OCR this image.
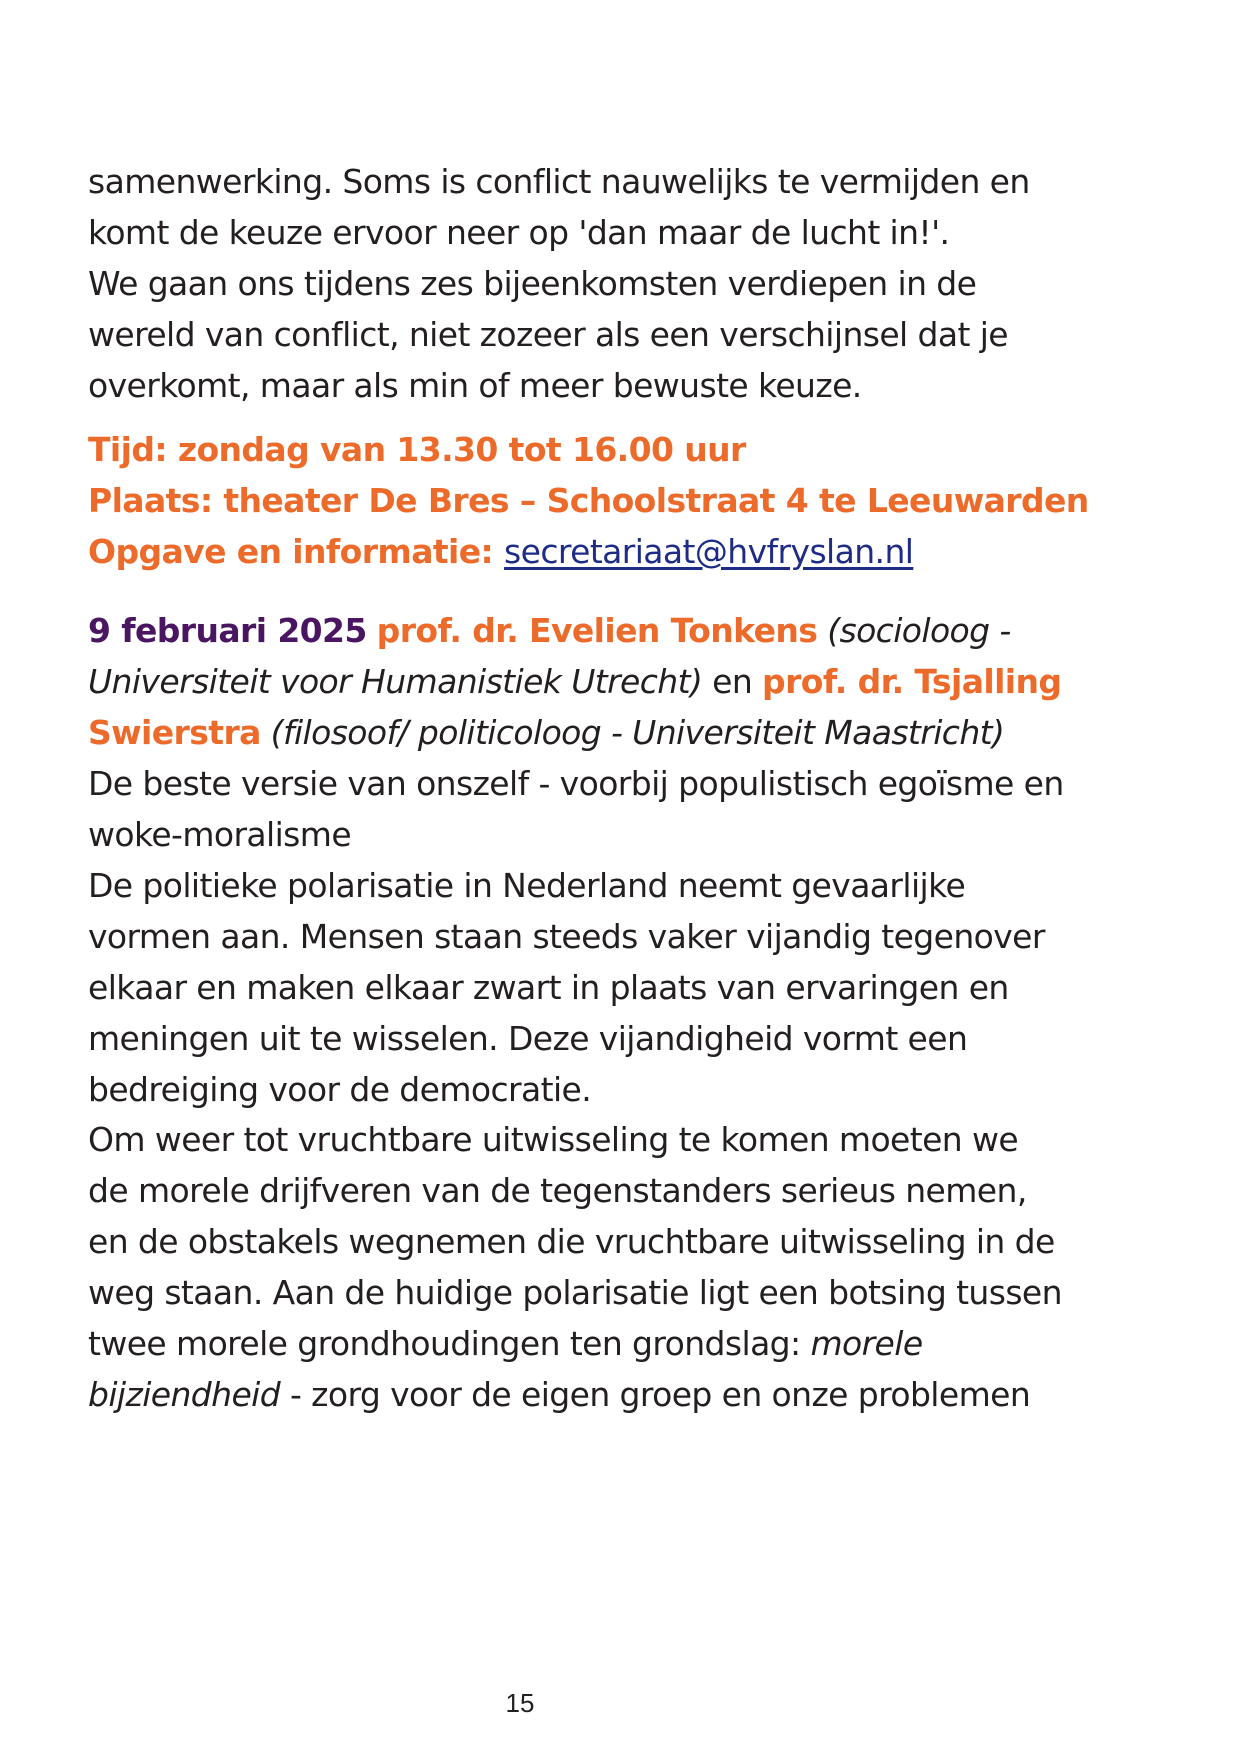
samenwerking. Soms is conflict nauwelijks te vermijden en
komt de keuze ervoor neer op 'dan maar de lucht in!'.
We gaan ons tijdens zes bijeenkomsten verdiepen in de
wereld van conflict, niet zozeer als een verschijnsel dat je
overkomt, maar als min of meer bewuste keuze.
Tijd: zondag van 13.30 tot 16.00 uur
Plaats: theater De Bres – Schoolstraat 4 te Leeuwarden
Opgave en informatie: secretariaat@hvfryslan.nl
9 februari 2025 prof. dr. Evelien Tonkens (socioloog -
Universiteit voor Humanistiek Utrecht) en prof. dr. Tsjalling
Swierstra (filosoof/ politicoloog - Universiteit Maastricht)
De beste versie van onszelf - voorbij populistisch egoïsme en
woke-moralisme
De politieke polarisatie in Nederland neemt gevaarlijke
vormen aan. Mensen staan steeds vaker vijandig tegenover
elkaar en maken elkaar zwart in plaats van ervaringen en
meningen uit te wisselen. Deze vijandigheid vormt een
bedreiging voor de democratie.
Om weer tot vruchtbare uitwisseling te komen moeten we
de morele drijfveren van de tegenstanders serieus nemen,
en de obstakels wegnemen die vruchtbare uitwisseling in de
weg staan. Aan de huidige polarisatie ligt een botsing tussen
twee morele grondhoudingen ten grondslag: morele
bijziendheid - zorg voor de eigen groep en onze problemen
15
